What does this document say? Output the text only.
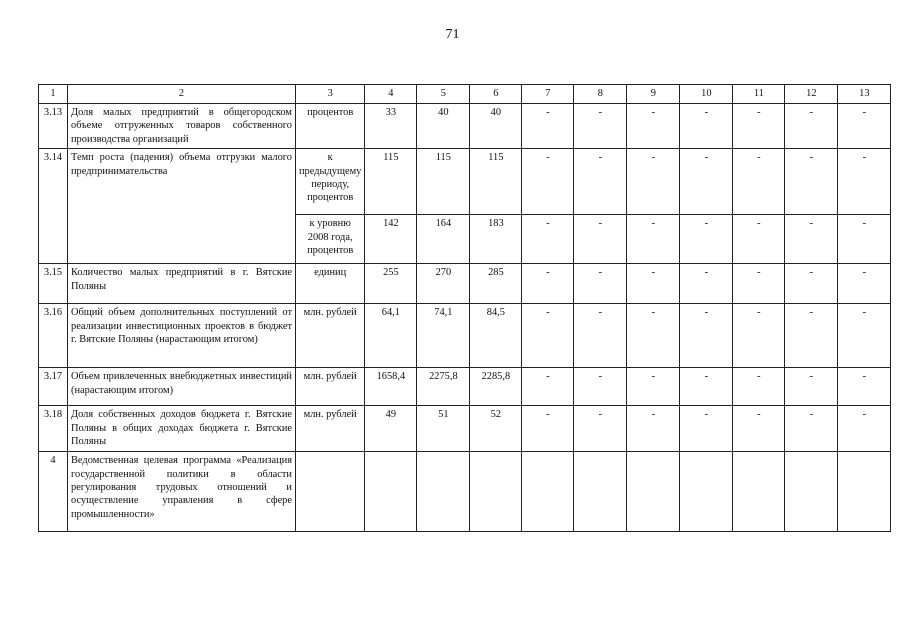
71
1	2	3	4	5	6	7	8	9	10	11	12	13
3.13	Доля малых предприятий в общегородском объеме отгруженных товаров собственного производства организаций	процентов	33	40	40	-	-	-	-	-	-	-
3.14	Темп роста (падения) объема отгрузки малого предпринимательства	к предыдущему периоду, процентов	115	115	115	-	-	-	-	-	-	-
		к уровню 2008 года, процентов	142	164	183	-	-	-	-	-	-	-
3.15	Количество малых предприятий в г. Вятские Поляны	единиц	255	270	285	-	-	-	-	-	-	-
3.16	Общий объем дополнительных поступлений от реализации инвестиционных проектов в бюджет г. Вятские Поляны (нарастающим итогом)	млн. рублей	64,1	74,1	84,5	-	-	-	-	-	-	-
3.17	Объем привлеченных внебюджетных инвестиций (нарастающим итогом)	млн. рублей	1658,4	2275,8	2285,8	-	-	-	-	-	-	-
3.18	Доля собственных доходов бюджета г. Вятские Поляны в общих доходах бюджета г. Вятские Поляны	млн. рублей	49	51	52	-	-	-	-	-	-	-
4	Ведомственная целевая программа «Реализация государственной политики в области регулирования трудовых отношений и осуществление управления в сфере промышленности»											
